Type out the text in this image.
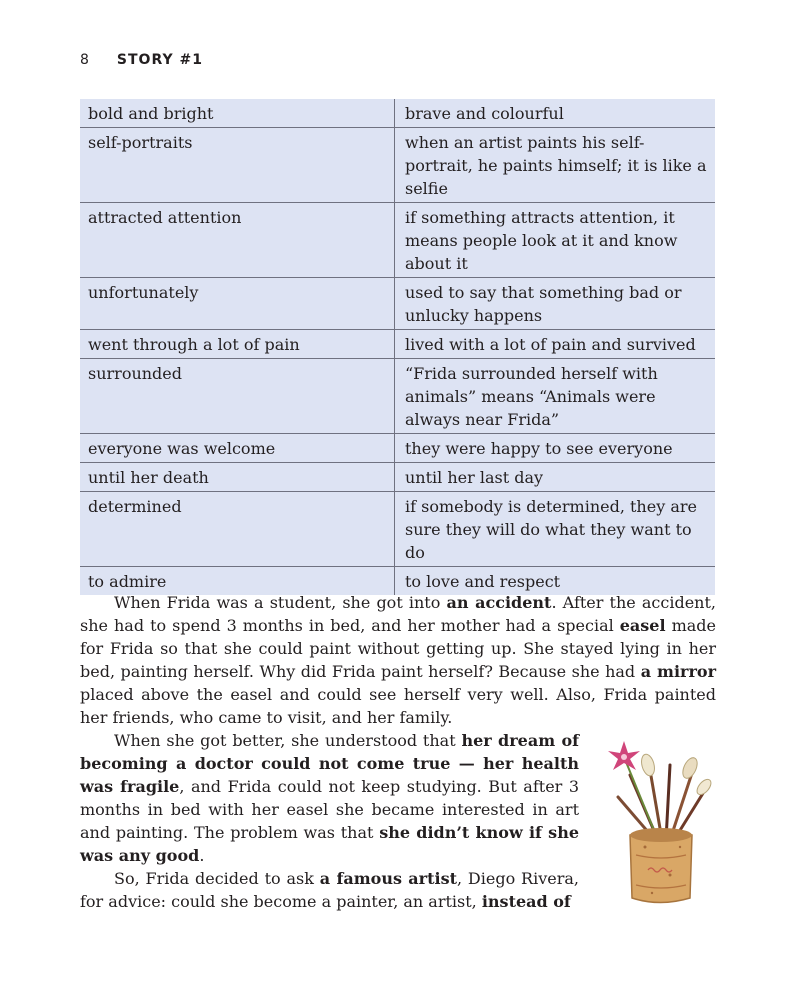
8 STORY #1
bold and bright	brave and colourful
self-portraits	when an artist paints his self-portrait, he paints himself; it is like a selfie
attracted attention	if something attracts attention, it means people look at it and know about it
unfortunately	used to say that something bad or unlucky happens
went through a lot of pain	lived with a lot of pain and survived
surrounded	“Frida surrounded herself with animals” means “Animals were always near Frida”
everyone was welcome	they were happy to see everyone
until her death	until her last day
determined	if somebody is determined, they are sure they will do what they want to do
to admire	to love and respect

When Frida was a student, she got into an accident. After the accident, she had to spend 3 months in bed, and her mother had a special easel made for Frida so that she could paint without getting up. She stayed lying in her bed, painting herself. Why did Frida paint herself? Because she had a mirror placed above the easel and could see herself very well. Also, Frida painted her friends, who came to visit, and her family.

When she got better, she understood that her dream of becoming a doctor could not come true — her health was fragile, and Frida could not keep studying. But after 3 months in bed with her easel she became interested in art and painting. The problem was that she didn’t know if she was any good.

So, Frida decided to ask a famous artist, Diego Rivera, for advice: could she become a painter, an artist, instead of
